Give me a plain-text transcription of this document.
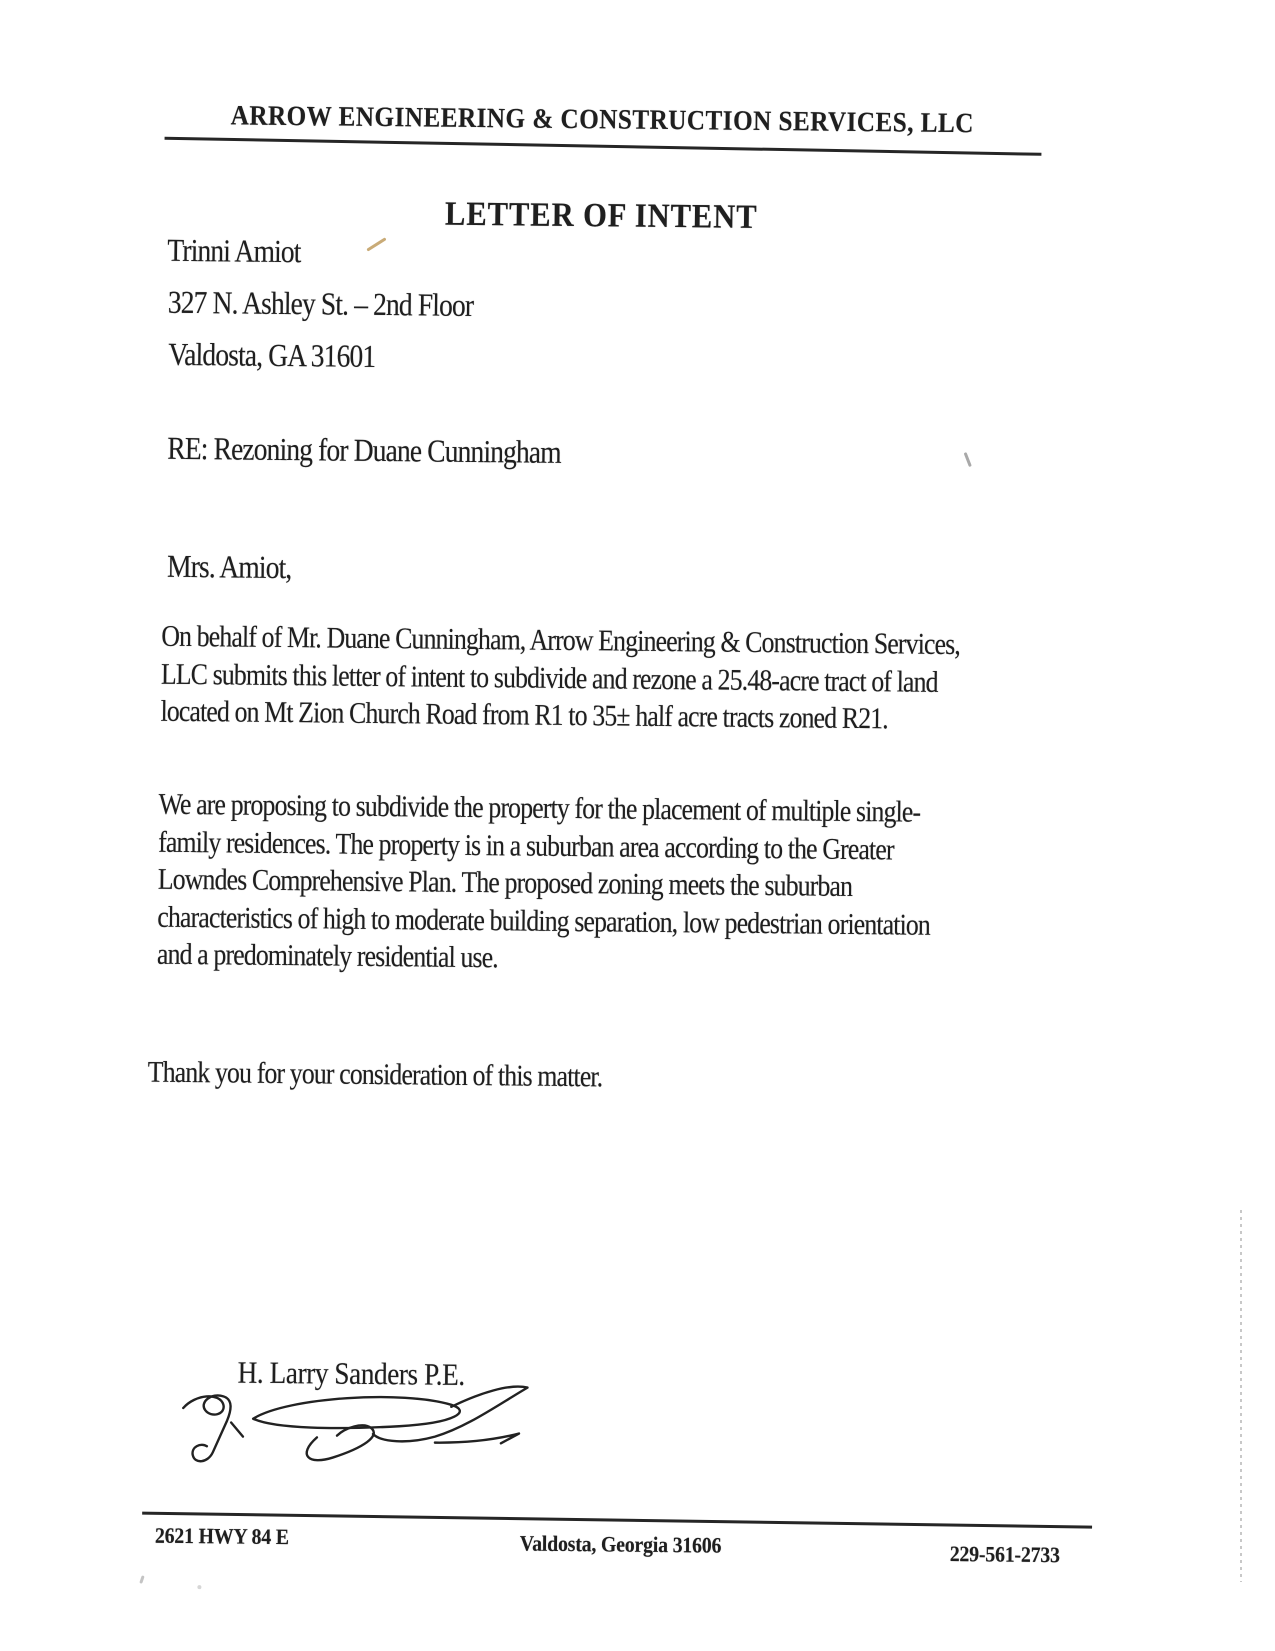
ARROW ENGINEERING & CONSTRUCTION SERVICES, LLC
LETTER OF INTENT
Trinni Amiot
327 N. Ashley St. – 2nd Floor
Valdosta, GA 31601
RE: Rezoning for Duane Cunningham
Mrs. Amiot,
On behalf of Mr. Duane Cunningham, Arrow Engineering & Construction Services,
LLC submits this letter of intent to subdivide and rezone a 25.48-acre tract of land
located on Mt Zion Church Road from R1 to 35± half acre tracts zoned R21.
We are proposing to subdivide the property for the placement of multiple single-
family residences. The property is in a suburban area according to the Greater
Lowndes Comprehensive Plan. The proposed zoning meets the suburban
characteristics of high to moderate building separation, low pedestrian orientation
and a predominately residential use.
Thank you for your consideration of this matter.
H. Larry Sanders P.E.
2621 HWY 84 E	Valdosta, Georgia 31606	229-561-2733
